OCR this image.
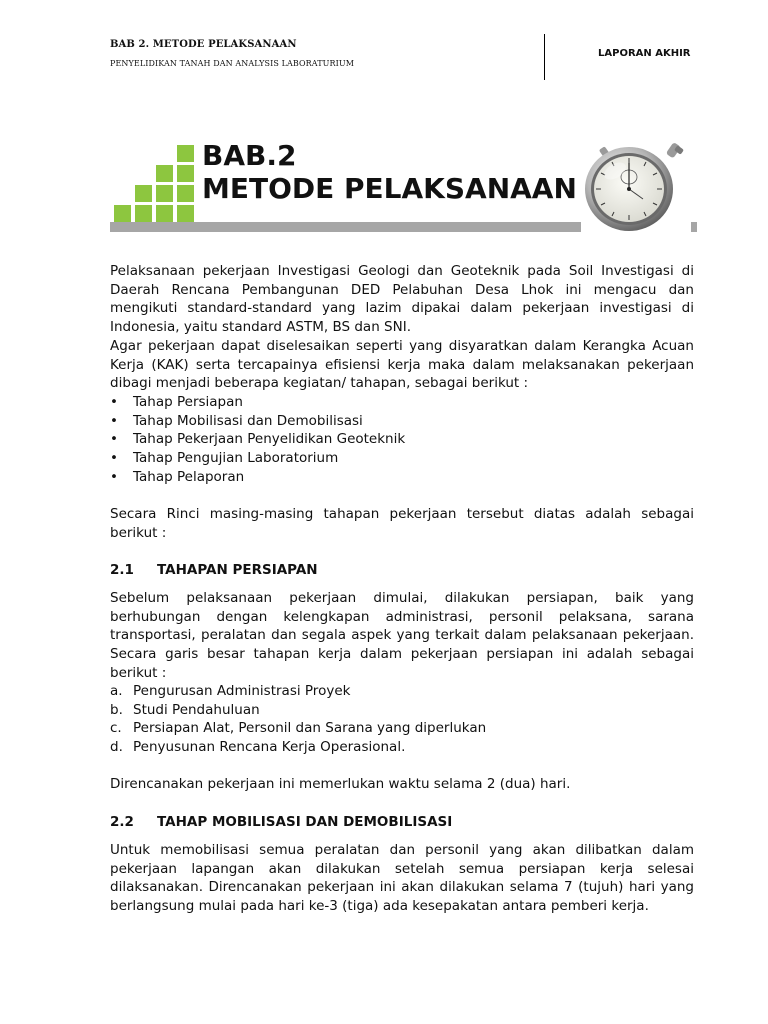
BAB 2. METODE PELAKSANAAN
PENYELIDIKAN TANAH DAN ANALYSIS LABORATURIUM
LAPORAN AKHIR
BAB.2
METODE PELAKSANAAN

Pelaksanaan pekerjaan Investigasi Geologi dan Geoteknik pada Soil Investigasi di Daerah Rencana Pembangunan DED Pelabuhan Desa Lhok ini mengacu dan mengikuti standard-standard yang lazim dipakai dalam pekerjaan investigasi di Indonesia, yaitu standard ASTM, BS dan SNI.

Agar pekerjaan dapat diselesaikan seperti yang disyaratkan dalam Kerangka Acuan Kerja (KAK) serta tercapainya efisiensi kerja maka dalam melaksanakan pekerjaan dibagi menjadi beberapa kegiatan/ tahapan, sebagai berikut :

• Tahap Persiapan
• Tahap Mobilisasi dan Demobilisasi
• Tahap Pekerjaan Penyelidikan Geoteknik
• Tahap Pengujian Laboratorium
• Tahap Pelaporan

Secara Rinci masing-masing tahapan pekerjaan tersebut diatas adalah sebagai berikut :

2.1 TAHAPAN PERSIAPAN

Sebelum pelaksanaan pekerjaan dimulai, dilakukan persiapan, baik yang berhubungan dengan kelengkapan administrasi, personil pelaksana, sarana transportasi, peralatan dan segala aspek yang terkait dalam pelaksanaan pekerjaan. Secara garis besar tahapan kerja dalam pekerjaan persiapan ini adalah sebagai berikut :

a. Pengurusan Administrasi Proyek
b. Studi Pendahuluan
c. Persiapan Alat, Personil dan Sarana yang diperlukan
d. Penyusunan Rencana Kerja Operasional.

Direncanakan pekerjaan ini memerlukan waktu selama 2 (dua) hari.

2.2 TAHAP MOBILISASI DAN DEMOBILISASI

Untuk memobilisasi semua peralatan dan personil yang akan dilibatkan dalam pekerjaan lapangan akan dilakukan setelah semua persiapan kerja selesai dilaksanakan. Direncanakan pekerjaan ini akan dilakukan selama 7 (tujuh) hari yang berlangsung mulai pada hari ke-3 (tiga) ada kesepakatan antara pemberi kerja.
